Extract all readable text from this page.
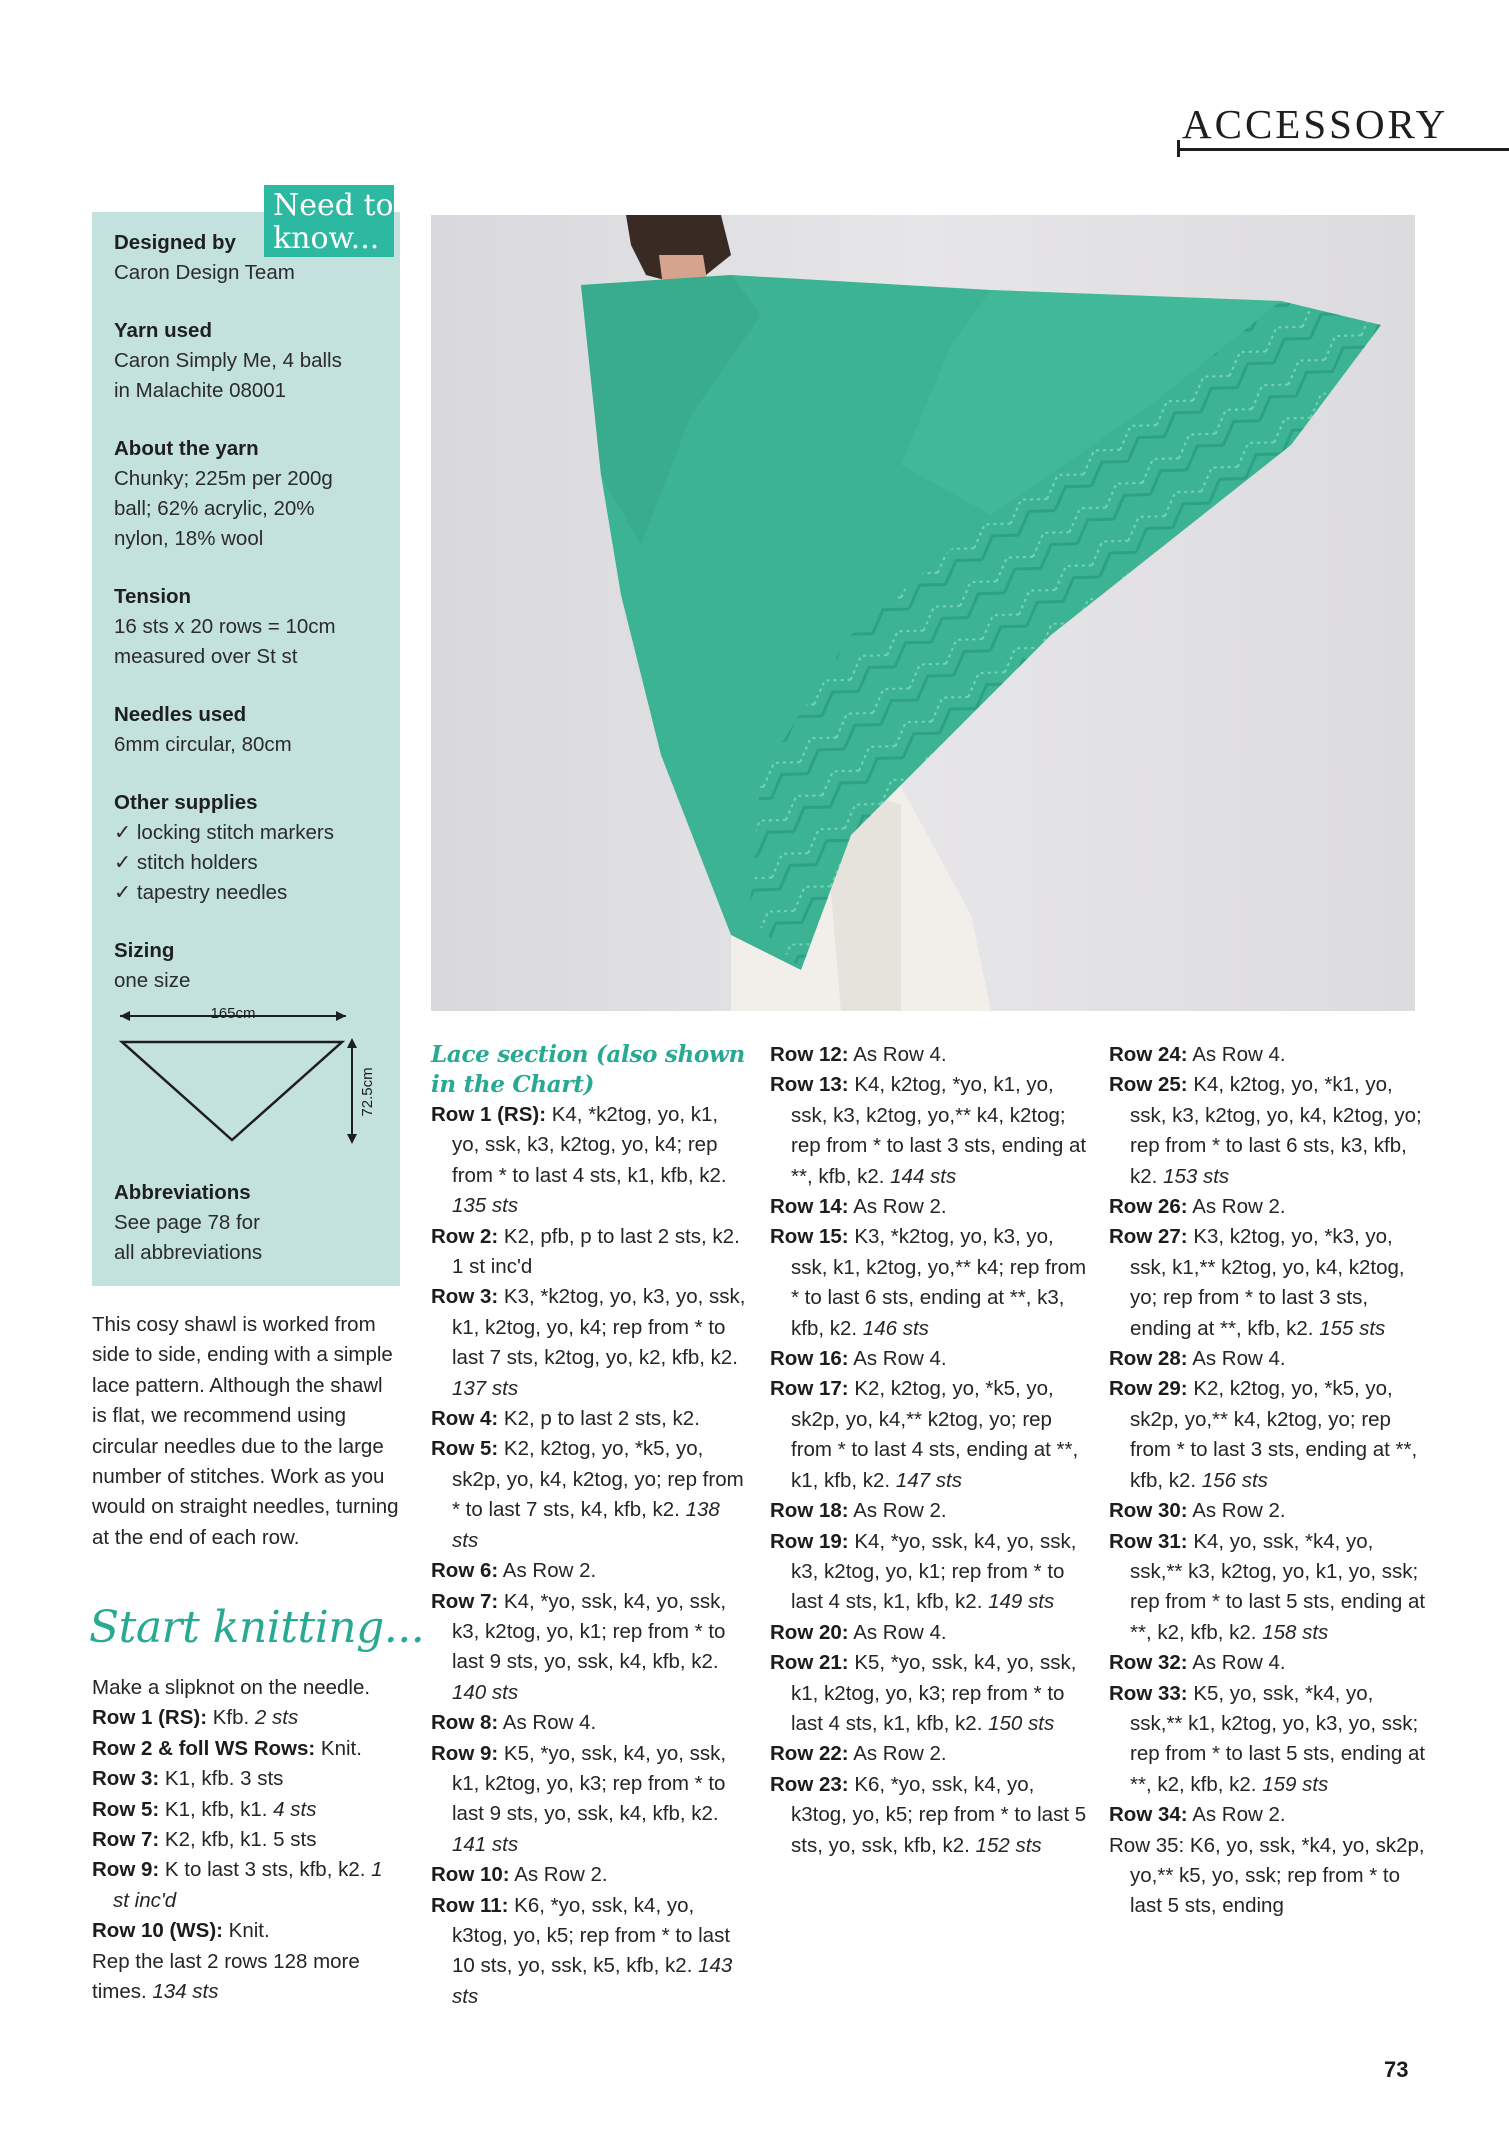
ACCESSORY
Need to
know...
Designed by
Caron Design Team
Yarn used
Caron Simply Me, 4 balls
in Malachite 08001
About the yarn
Chunky; 225m per 200g
ball; 62% acrylic, 20%
nylon, 18% wool
Tension
16 sts x 20 rows = 10cm
measured over St st
Needles used
6mm circular, 80cm
Other supplies
✓ locking stitch markers
✓ stitch holders
✓ tapestry needles
Sizing
one size
165cm
72.5cm
Abbreviations
See page 78 for
all abbreviations

This cosy shawl is worked from side to side, ending with a simple lace pattern. Although the shawl is flat, we recommend using circular needles due to the large number of stitches. Work as you would on straight needles, turning at the end of each row.

Start knitting...

Make a slipknot on the needle.

Row 1 (RS): Kfb. 2 sts

Row 2 & foll WS Rows: Knit.

Row 3: K1, kfb. 3 sts

Row 5: K1, kfb, k1. 4 sts

Row 7: K2, kfb, k1. 5 sts

Row 9: K to last 3 sts, kfb, k2. 1 st inc'd

Row 10 (WS): Knit.

Rep the last 2 rows 128 more times. 134 sts

Lace section (also shown
in the Chart)

Row 1 (RS): K4, *k2tog, yo, k1, yo, ssk, k3, k2tog, yo, k4; rep from * to last 4 sts, k1, kfb, k2. 135 sts

Row 2: K2, pfb, p to last 2 sts, k2. 1 st inc'd

Row 3: K3, *k2tog, yo, k3, yo, ssk, k1, k2tog, yo, k4; rep from * to last 7 sts, k2tog, yo, k2, kfb, k2. 137 sts

Row 4: K2, p to last 2 sts, k2.

Row 5: K2, k2tog, yo, *k5, yo, sk2p, yo, k4, k2tog, yo; rep from * to last 7 sts, k4, kfb, k2. 138 sts

Row 6: As Row 2.

Row 7: K4, *yo, ssk, k4, yo, ssk, k3, k2tog, yo, k1; rep from * to last 9 sts, yo, ssk, k4, kfb, k2. 140 sts

Row 8: As Row 4.

Row 9: K5, *yo, ssk, k4, yo, ssk, k1, k2tog, yo, k3; rep from * to last 9 sts, yo, ssk, k4, kfb, k2. 141 sts

Row 10: As Row 2.

Row 11: K6, *yo, ssk, k4, yo, k3tog, yo, k5; rep from * to last 10 sts, yo, ssk, k5, kfb, k2. 143 sts

Row 12: As Row 4.

Row 13: K4, k2tog, *yo, k1, yo, ssk, k3, k2tog, yo,** k4, k2tog; rep from * to last 3 sts, ending at **, kfb, k2. 144 sts

Row 14: As Row 2.

Row 15: K3, *k2tog, yo, k3, yo, ssk, k1, k2tog, yo,** k4; rep from * to last 6 sts, ending at **, k3, kfb, k2. 146 sts

Row 16: As Row 4.

Row 17: K2, k2tog, yo, *k5, yo, sk2p, yo, k4,** k2tog, yo; rep from * to last 4 sts, ending at **, k1, kfb, k2. 147 sts

Row 18: As Row 2.

Row 19: K4, *yo, ssk, k4, yo, ssk, k3, k2tog, yo, k1; rep from * to last 4 sts, k1, kfb, k2. 149 sts

Row 20: As Row 4.

Row 21: K5, *yo, ssk, k4, yo, ssk, k1, k2tog, yo, k3; rep from * to last 4 sts, k1, kfb, k2. 150 sts

Row 22: As Row 2.

Row 23: K6, *yo, ssk, k4, yo, k3tog, yo, k5; rep from * to last 5 sts, yo, ssk, kfb, k2. 152 sts

Row 24: As Row 4.

Row 25: K4, k2tog, yo, *k1, yo, ssk, k3, k2tog, yo, k4, k2tog, yo; rep from * to last 6 sts, k3, kfb, k2. 153 sts

Row 26: As Row 2.

Row 27: K3, k2tog, yo, *k3, yo, ssk, k1,** k2tog, yo, k4, k2tog, yo; rep from * to last 3 sts, ending at **, kfb, k2. 155 sts

Row 28: As Row 4.

Row 29: K2, k2tog, yo, *k5, yo, sk2p, yo,** k4, k2tog, yo; rep from * to last 3 sts, ending at **, kfb, k2. 156 sts

Row 30: As Row 2.

Row 31: K4, yo, ssk, *k4, yo, ssk,** k3, k2tog, yo, k1, yo, ssk; rep from * to last 5 sts, ending at **, k2, kfb, k2. 158 sts

Row 32: As Row 4.

Row 33: K5, yo, ssk, *k4, yo, ssk,** k1, k2tog, yo, k3, yo, ssk; rep from * to last 5 sts, ending at **, k2, kfb, k2. 159 sts

Row 34: As Row 2.

Row 35: K6, yo, ssk, *k4, yo, sk2p, yo,** k5, yo, ssk; rep from * to last 5 sts, ending

73
